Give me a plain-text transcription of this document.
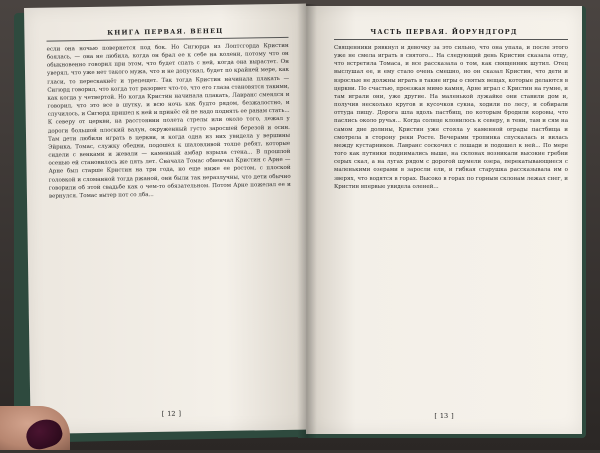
КНИГА ПЕРВАЯ. ВЕНЕЦ
если она ночью повернется под бок. Но Сигюрда из Лоптсгорда Кристин боялась, — она не любила, когда он брал ее к себе на колени, потому что он обыкновенно говорил при этом, что будет спать с ней, когда она вырастет. Он уверял, что уже нет такого мужа, что и не допускал, будет по крайней мере, как гласи, то перескакнёт и трепещет. Так тогда Кристин начинала плакать — Сигюрд говорил, что когда тот разорвет что-то, что его глаза становятся такими, как когда у четвертой. Но когда Кристин начинала плакать, Лавранс смеялся и говорил, что это все в шутку, и всю ночь как будто рядом, безжалостно, и случилось, и Сигюрд пришел к ней и принёс ей не надо поднять ее ранам стать... К северу от церкви, на расстоянии полета стрелы или около того, лежал у дороги большой плоский валун, окруженный густо заросшей березой и осин. Там дети любили играть в церкви, и когда одна из них увидела у вершины Эйрика, Томас, служку обедни, подошел к шаловливой толпе ребят, которые сидели с венками и жевали — каменный амбар взрыла стена... В прошлой осенью ей становилось же пять лет. Сначала Томас обвенчал Кристин с Арне — Арне был старше Кристин на три года, но еще ниже ее ростом, с плоской головкой и сломанной тогда ржаной, они были так неразлучны, что дети обычно говорили об этой свадьбе как о чем-то обязательном. Потом Арне пожелал ее и вернулся. Томас вытер пот со лба...
[ 12 ]
ЧАСТЬ ПЕРВАЯ. ЙОРУНДГОРД
Священники рявкнул и девочку за это сильно, что она упала, и после этого уже не смела играть в святого... На следующий день Кристин сказала отцу, что встретила Томаса, и все рассказала о том, как священник шутил. Отец выслушал ее, и ему стало очень смешно, но он сказал Кристин, что дети и взрослые не должны играть в такие игры о святых вещах, которые делаются в церкви. По счастью, проезжая мимо камня, Арне играл с Кристин на гумне, и там играли они, уже другие. На маленькой лужайке они ставили дом и, получив несколько кругов и кусочков сукна, ходили по лесу, и собирали оттуда пищу. Дорога шла вдоль пастбищ, по которым бродили коровы, что паслись около ручья... Когда солнце клонилось к северу, в тени, там и сям на самом дне долины, Кристин уже стояла у каменной ограды пастбища и смотрела в сторону реки Росте. Вечерами тропинка спускалась и вилась между кустарников. Лавранс соскочил с лошади и подошел к ней... По мере того как путники поднимались выше, на склонах возникали высокие гребни серых скал, а на лугах рядом с дорогой шумели озера, перекатывающиеся с маленькими озерами в заросли ели, и гибкая старушка рассказывала им о зверях, что водятся в горах. Высоко в горах по горным склонам лежал снег, и Кристин впервые увидела оленей...
[ 13 ]
